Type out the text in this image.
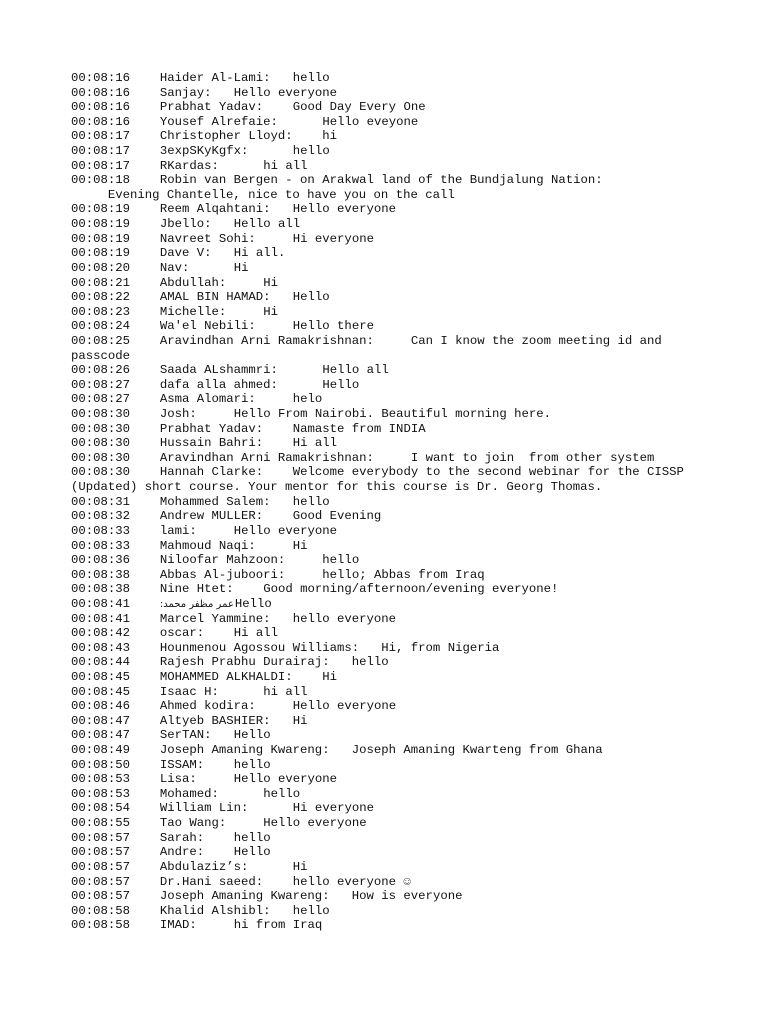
00:08:16 Haider Al-Lami: hello
00:08:16 Sanjay: Hello everyone
00:08:16 Prabhat Yadav: Good Day Every One
00:08:16 Yousef Alrefaie:	Hello eveyone
00:08:17 Christopher Lloyd: hi
00:08:17 3expSKyKgfx:	hello
00:08:17 RKardas:	hi all
00:08:18 Robin van Bergen - on Arakwal land of the Bundjalung Nation:
Evening Chantelle, nice to have you on the call
00:08:19 Reem Alqahtani: Hello everyone
00:08:19 Jbello: Hello all
00:08:19 Navreet Sohi:	Hi everyone
00:08:19 Dave V: Hi all.
00:08:20 Nav:	Hi
00:08:21 Abdullah:	Hi
00:08:22 AMAL BIN HAMAD: Hello
00:08:23 Michelle:	Hi
00:08:24 Wa'el Nebili:	Hello there
00:08:25 Aravindhan Arni Ramakrishnan:	Can I know the zoom meeting id and
passcode
00:08:26 Saada ALshammri:	Hello all
00:08:27 dafa alla ahmed:	Hello
00:08:27 Asma Alomari:	helo
00:08:30 Josh:	Hello From Nairobi. Beautiful morning here.
00:08:30 Prabhat Yadav: Namaste from INDIA
00:08:30 Hussain Bahri: Hi all
00:08:30 Aravindhan Arni Ramakrishnan:	I want to join  from other system
00:08:30 Hannah Clarke: Welcome everybody to the second webinar for the CISSP
(Updated) short course. Your mentor for this course is Dr. Georg Thomas.
00:08:31 Mohammed Salem: hello
00:08:32 Andrew MULLER: Good Evening
00:08:33 lami:	Hello everyone
00:08:33 Mahmoud Naqi:	Hi
00:08:36 Niloofar Mahzoon:	hello
00:08:38 Abbas Al-juboori:	hello; Abbas from Iraq
00:08:38 Nine Htet: Good morning/afternoon/evening everyone!
00:08:41	عمر مظفر محمد:Hello
00:08:41 Marcel Yammine: hello everyone
00:08:42 oscar: Hi all
00:08:43 Hounmenou Agossou Williams: Hi, from Nigeria
00:08:44 Rajesh Prabhu Durairaj: hello
00:08:45 MOHAMMED ALKHALDI: Hi
00:08:45 Isaac H:	hi all
00:08:46 Ahmed kodira:	Hello everyone
00:08:47 Altyeb BASHIER: Hi
00:08:47 SerTAN: Hello
00:08:49 Joseph Amaning Kwareng: Joseph Amaning Kwarteng from Ghana
00:08:50 ISSAM: hello
00:08:53 Lisa:	Hello everyone
00:08:53 Mohamed:	hello
00:08:54 William Lin:	Hi everyone
00:08:55 Tao Wang:	Hello everyone
00:08:57 Sarah: hello
00:08:57 Andre: Hello
00:08:57 Abdulaziz’s:	Hi
00:08:57 Dr.Hani saeed: hello everyone ☺
00:08:57 Joseph Amaning Kwareng: How is everyone
00:08:58 Khalid Alshibl: hello
00:08:58 IMAD:	hi from Iraq
